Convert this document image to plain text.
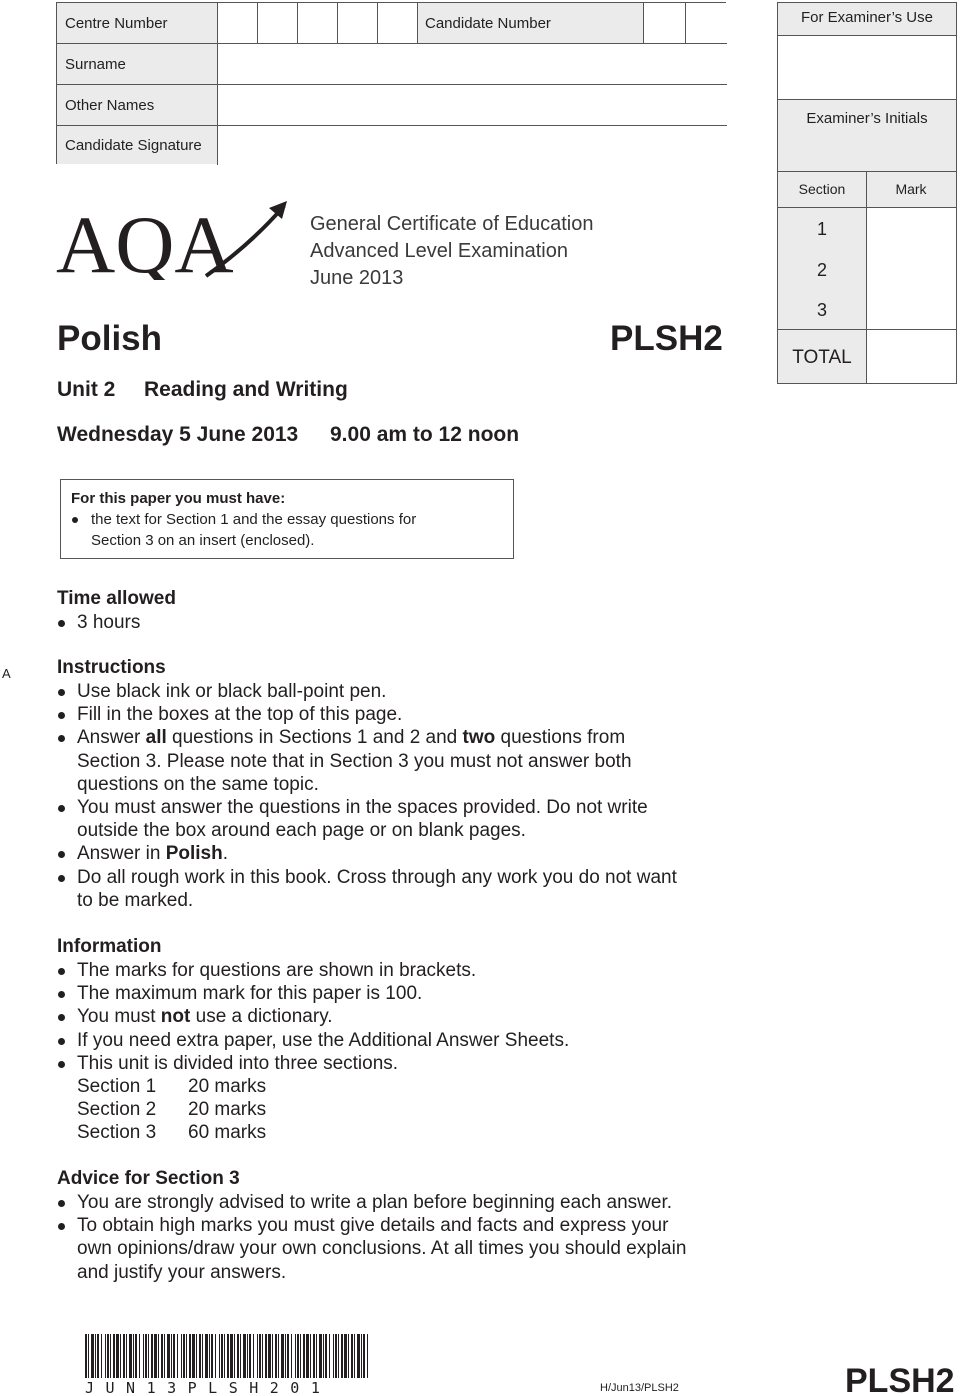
Centre Number	Candidate Number
Surname
Other Names
Candidate Signature
For Examiner’s Use
Examiner’s Initials
Section	Mark
1
2
3
TOTAL
AQA	General Certificate of Education
Advanced Level Examination
June 2013
Polish	PLSH2
Unit 2 Reading and Writing
Wednesday 5 June 2013 9.00 am to 12 noon
For this paper you must have:
the text for Section 1 and the essay questions for
Section 3 on an insert (enclosed).
Time allowed
3 hours
A Instructions
Use black ink or black ball-point pen.
Fill in the boxes at the top of this page.
Answer all questions in Sections 1 and 2 and two questions from
Section 3. Please note that in Section 3 you must not answer both
questions on the same topic.
You must answer the questions in the spaces provided. Do not write
outside the box around each page or on blank pages.
Answer in Polish.
Do all rough work in this book. Cross through any work you do not want
to be marked.
Information
The marks for questions are shown in brackets.
The maximum mark for this paper is 100.
You must not use a dictionary.
If you need extra paper, use the Additional Answer Sheets.
This unit is divided into three sections.
Section 1 20 marks
Section 2 20 marks
Section 3 60 marks
Advice for Section 3
You are strongly advised to write a plan before beginning each answer.
To obtain high marks you must give details and facts and express your
own opinions/draw your own conclusions. At all times you should explain
and justify your answers.
JUN13PLSH201	H/Jun13/PLSH2	PLSH2
